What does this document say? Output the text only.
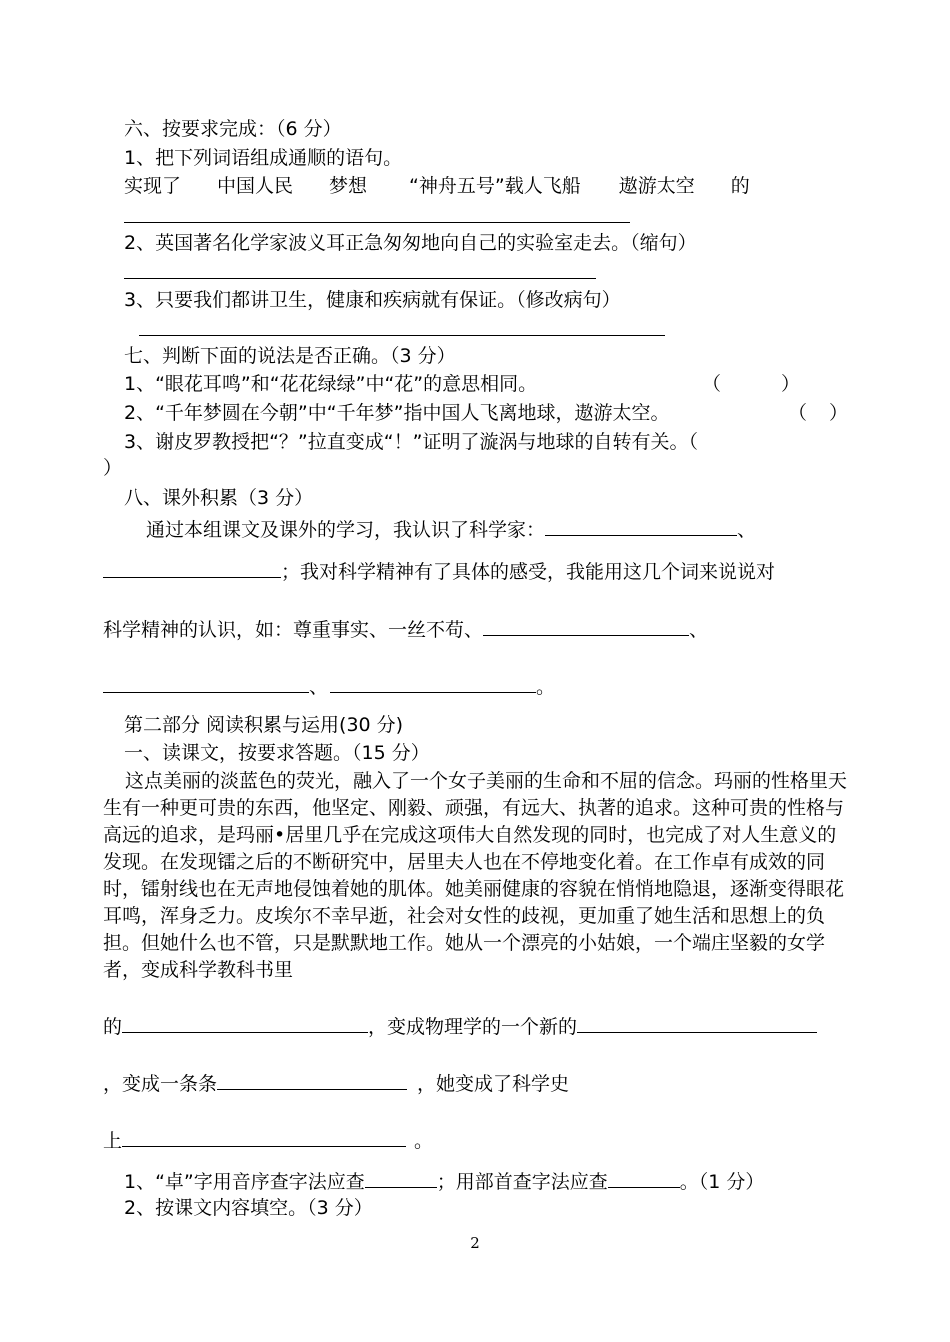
六、按要求完成：（6 分）
1、把下列词语组成通顺的语句。
实现了 中国人民 梦想 “神舟五号”载人飞船 遨游太空 的
2、英国著名化学家波义耳正急匆匆地向自己的实验室走去。（缩句）
3、只要我们都讲卫生，健康和疾病就有保证。（修改病句）
七、判断下面的说法是否正确。（3 分）
1、“眼花耳鸣”和“花花绿绿”中“花”的意思相同。	（	）
2、“千年梦圆在今朝”中“千年梦”指中国人飞离地球，遨游太空。	（ ）
3、谢皮罗教授把“？”拉直变成“！”证明了漩涡与地球的自转有关。（
）
八、课外积累（3 分）
通过本组课文及课外的学习，我认识了科学家：	、
；我对科学精神有了具体的感受，我能用这几个词来说说对
科学精神的认识，如：尊重事实、一丝不苟、	、
、	。
第二部分 阅读积累与运用(30 分)
一、读课文，按要求答题。（15 分）
这点美丽的淡蓝色的荧光，融入了一个女子美丽的生命和不屈的信念。玛丽的性格里天生有一种更可贵的东西，他坚定、刚毅、顽强，有远大、执著的追求。这种可贵的性格与高远的追求，是玛丽•居里几乎在完成这项伟大自然发现的同时，也完成了对人生意义的发现。在发现镭之后的不断研究中，居里夫人也在不停地变化着。在工作卓有成效的同时，镭射线也在无声地侵蚀着她的肌体。她美丽健康的容貌在悄悄地隐退，逐渐变得眼花耳鸣，浑身乏力。皮埃尔不幸早逝，社会对女性的歧视，更加重了她生活和思想上的负担。但她什么也不管，只是默默地工作。她从一个漂亮的小姑娘，一个端庄坚毅的女学者，变成科学教科书里
的	，变成物理学的一个新的
，变成一条条	，她变成了科学史
上	。
1、“卓”字用音序查字法应查	；用部首查字法应查	。（1 分）
2、按课文内容填空。（3 分）
2
